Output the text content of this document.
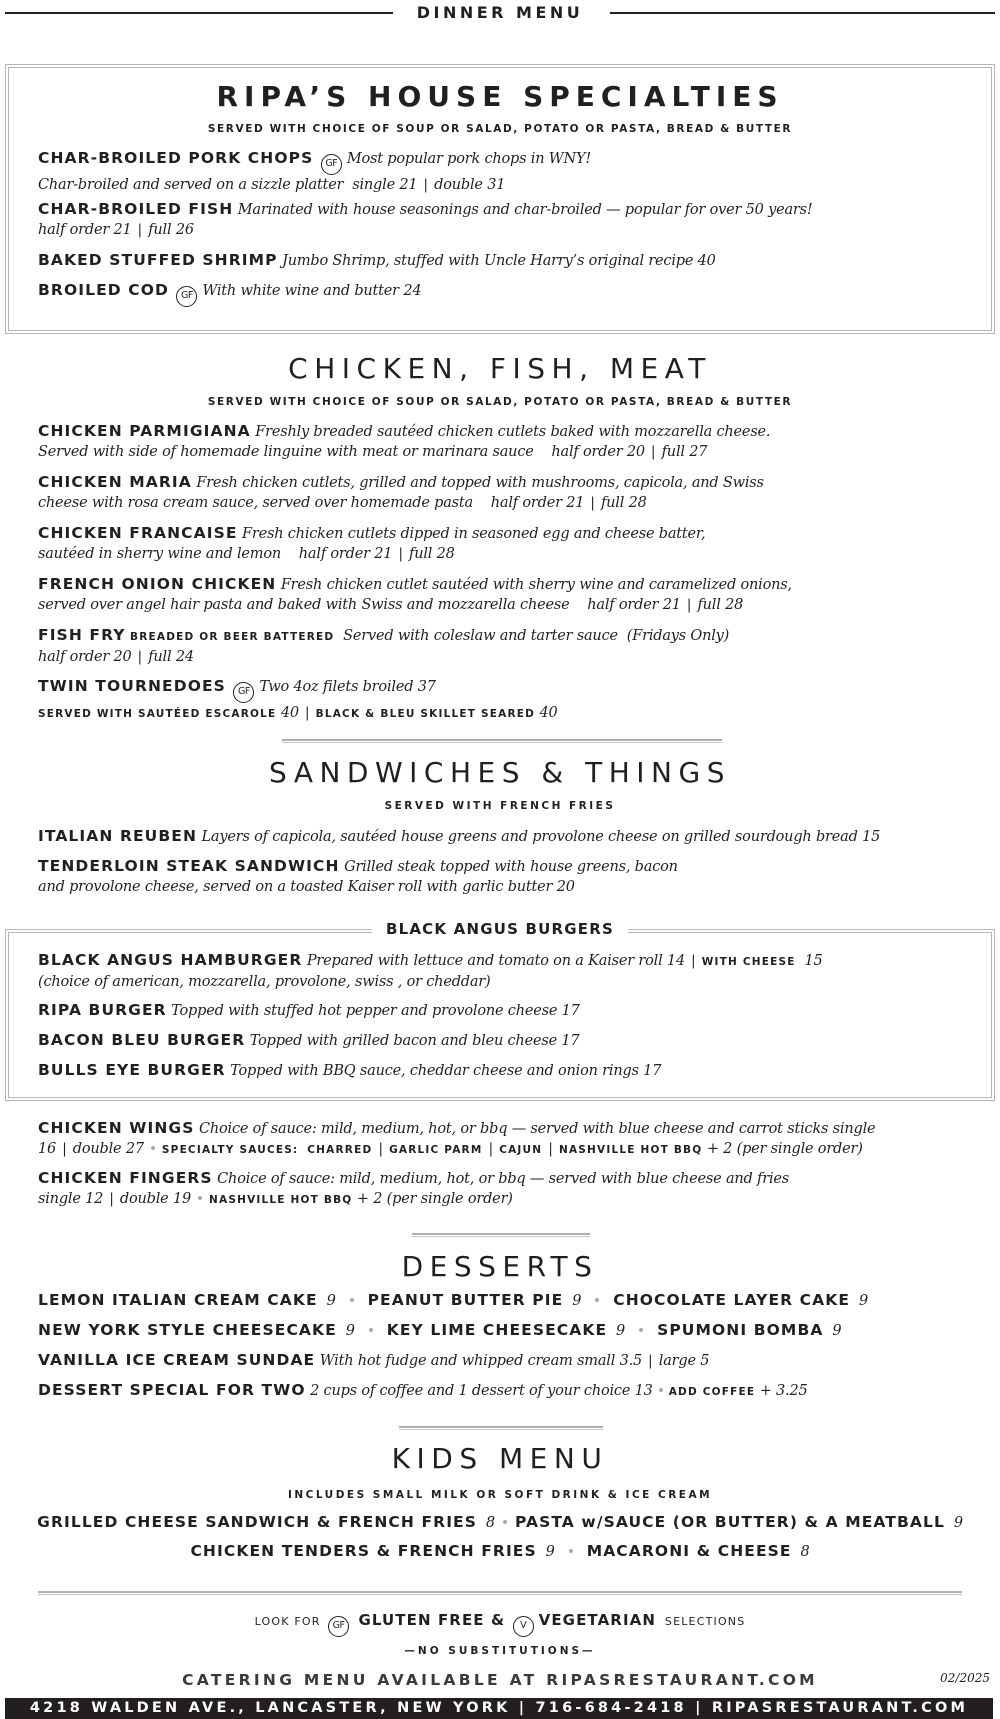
DINNER MENU
RIPA’S HOUSE SPECIALTIES
SERVED WITH CHOICE OF SOUP OR SALAD, POTATO OR PASTA, BREAD & BUTTER
CHAR-BROILED PORK CHOPS GF Most popular pork chops in WNY!
Char-broiled and served on a sizzle platter single 21 | double 31
CHAR-BROILED FISH Marinated with house seasonings and char-broiled — popular for over 50 years!
half order 21 | full 26
BAKED STUFFED SHRIMP Jumbo Shrimp, stuffed with Uncle Harry’s original recipe 40
BROILED COD GF With white wine and butter 24
CHICKEN, FISH, MEAT
SERVED WITH CHOICE OF SOUP OR SALAD, POTATO OR PASTA, BREAD & BUTTER
CHICKEN PARMIGIANA Freshly breaded sautéed chicken cutlets baked with mozzarella cheese.
Served with side of homemade linguine with meat or marinara sauce half order 20 | full 27
CHICKEN MARIA Fresh chicken cutlets, grilled and topped with mushrooms, capicola, and Swiss
cheese with rosa cream sauce, served over homemade pasta half order 21 | full 28
CHICKEN FRANCAISE Fresh chicken cutlets dipped in seasoned egg and cheese batter,
sautéed in sherry wine and lemon half order 21 | full 28
FRENCH ONION CHICKEN Fresh chicken cutlet sautéed with sherry wine and caramelized onions,
served over angel hair pasta and baked with Swiss and mozzarella cheese half order 21 | full 28
FISH FRY BREADED OR BEER BATTERED Served with coleslaw and tarter sauce (Fridays Only)
half order 20 | full 24
TWIN TOURNEDOES GF Two 4oz filets broiled 37
SERVED WITH SAUTÉED ESCAROLE 40 | BLACK & BLEU SKILLET SEARED 40
SANDWICHES & THINGS
SERVED WITH FRENCH FRIES
ITALIAN REUBEN Layers of capicola, sautéed house greens and provolone cheese on grilled sourdough bread 15
TENDERLOIN STEAK SANDWICH Grilled steak topped with house greens, bacon
and provolone cheese, served on a toasted Kaiser roll with garlic butter 20
BLACK ANGUS BURGERS
BLACK ANGUS HAMBURGER Prepared with lettuce and tomato on a Kaiser roll 14 | WITH CHEESE 15
(choice of american, mozzarella, provolone, swiss , or cheddar)
RIPA BURGER Topped with stuffed hot pepper and provolone cheese 17
BACON BLEU BURGER Topped with grilled bacon and bleu cheese 17
BULLS EYE BURGER Topped with BBQ sauce, cheddar cheese and onion rings 17
CHICKEN WINGS Choice of sauce: mild, medium, hot, or bbq — served with blue cheese and carrot sticks single
16 | double 27 SPECIALTY SAUCES: CHARRED | GARLIC PARM | CAJUN | NASHVILLE HOT BBQ + 2 (per single order)
CHICKEN FINGERS Choice of sauce: mild, medium, hot, or bbq — served with blue cheese and fries
single 12 | double 19 NASHVILLE HOT BBQ + 2 (per single order)
DESSERTS
LEMON ITALIAN CREAM CAKE 9 PEANUT BUTTER PIE 9 CHOCOLATE LAYER CAKE 9
NEW YORK STYLE CHEESECAKE 9 KEY LIME CHEESECAKE 9 SPUMONI BOMBA 9
VANILLA ICE CREAM SUNDAE With hot fudge and whipped cream small 3.5 | large 5
DESSERT SPECIAL FOR TWO 2 cups of coffee and 1 dessert of your choice 13 ADD COFFEE + 3.25
KIDS MENU
INCLUDES SMALL MILK OR SOFT DRINK & ICE CREAM
GRILLED CHEESE SANDWICH & FRENCH FRIES 8 PASTA w/SAUCE (OR BUTTER) & A MEATBALL 9
CHICKEN TENDERS & FRENCH FRIES 9 MACARONI & CHEESE 8
LOOK FOR GF GLUTEN FREE & V VEGETARIAN SELECTIONS
—NO SUBSTITUTIONS—
CATERING MENU AVAILABLE AT RIPASRESTAURANT.COM	02/2025
4218 WALDEN AVE., LANCASTER, NEW YORK | 716-684-2418 | RIPASRESTAURANT.COM
